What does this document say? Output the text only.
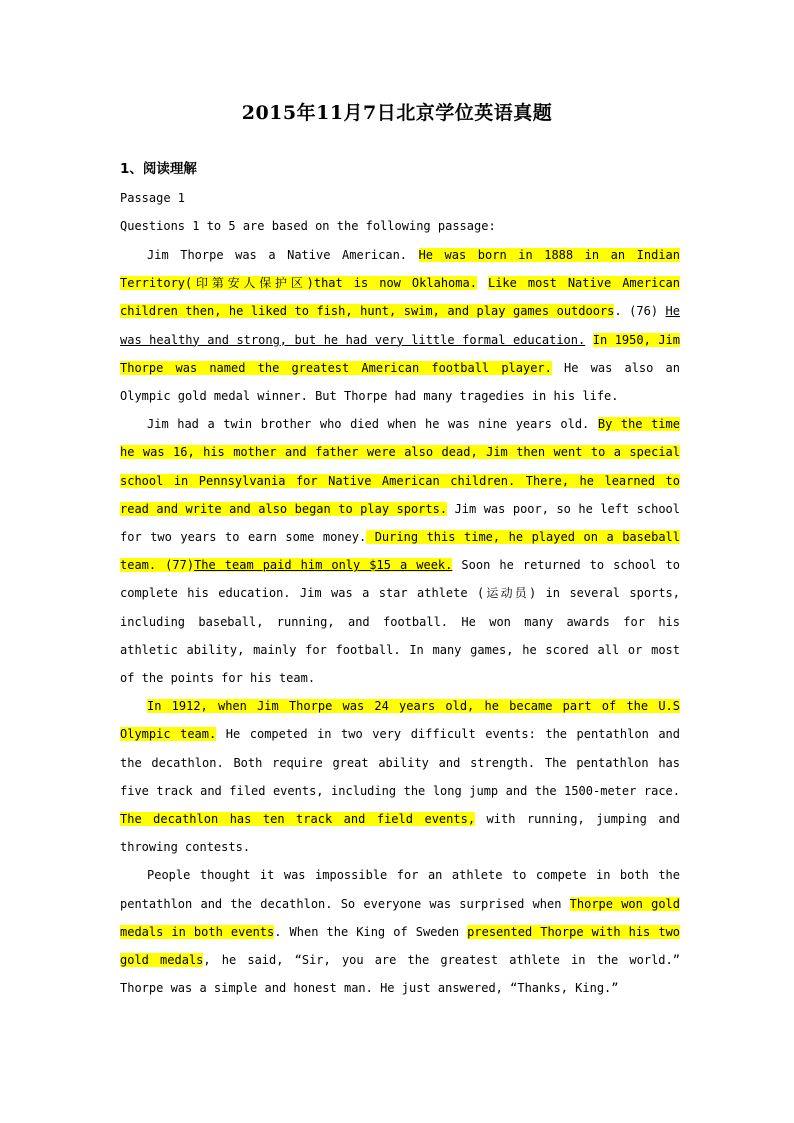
2015年11月7日北京学位英语真题
1、阅读理解
Passage 1
Questions 1 to 5 are based on the following passage:

Jim Thorpe was a Native American. He was born in 1888 in an Indian Territory(印第安人保护区)that is now Oklahoma. Like most Native American children then, he liked to fish, hunt, swim, and play games outdoors. (76) He was healthy and strong, but he had very little formal education. In 1950, Jim Thorpe was named the greatest American football player. He was also an Olympic gold medal winner. But Thorpe had many tragedies in his life.

Jim had a twin brother who died when he was nine years old. By the time he was 16, his mother and father were also dead, Jim then went to a special school in Pennsylvania for Native American children. There, he learned to read and write and also began to play sports. Jim was poor, so he left school for two years to earn some money. During this time, he played on a baseball team. (77)The team paid him only $15 a week. Soon he returned to school to complete his education. Jim was a star athlete (运动员) in several sports, including baseball, running, and football. He won many awards for his athletic ability, mainly for football. In many games, he scored all or most of the points for his team.

In 1912, when Jim Thorpe was 24 years old, he became part of the U.S Olympic team. He competed in two very difficult events: the pentathlon and the decathlon. Both require great ability and strength. The pentathlon has five track and filed events, including the long jump and the 1500-meter race. The decathlon has ten track and field events, with running, jumping and throwing contests.

People thought it was impossible for an athlete to compete in both the pentathlon and the decathlon. So everyone was surprised when Thorpe won gold medals in both events. When the King of Sweden presented Thorpe with his two gold medals, he said, “Sir, you are the greatest athlete in the world.” Thorpe was a simple and honest man. He just answered, “Thanks, King.”
